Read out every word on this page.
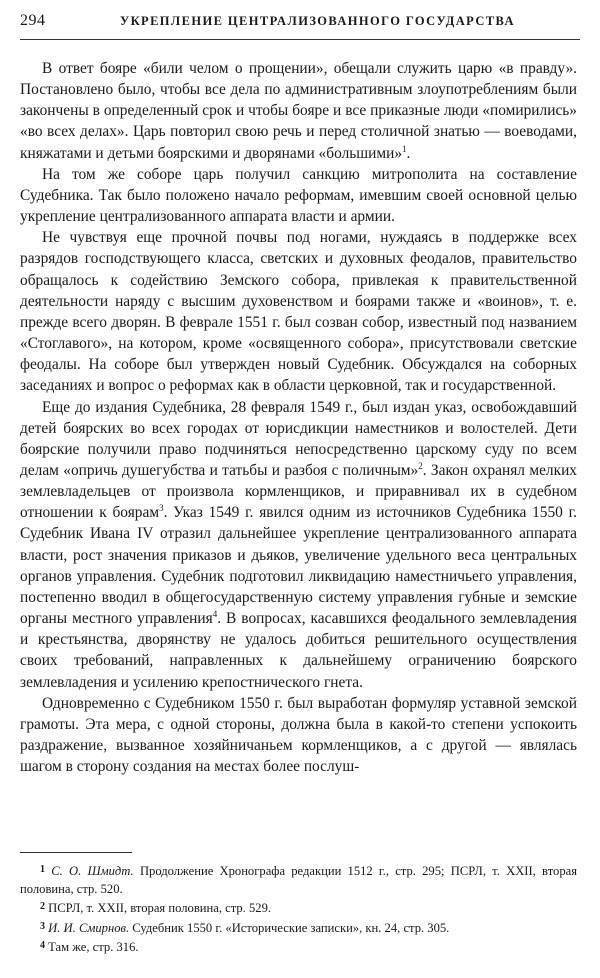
294	УКРЕПЛЕНИЕ ЦЕНТРАЛИЗОВАННОГО ГОСУДАРСТВА

В ответ бояре «били челом о прощении», обещали служить царю «в правду». Постановлено было, чтобы все дела по административным злоупотреблениям были закончены в определенный срок и чтобы бояре и все приказные люди «помирились» «во всех делах». Царь повторил свою речь и перед столичной знатью — воеводами, княжатами и детьми боярскими и дворянами «большими»$^1$.

На том же соборе царь получил санкцию митрополита на составление Судебника. Так было положено начало реформам, имевшим своей основной целью укрепление централизованного аппарата власти и армии.

Не чувствуя еще прочной почвы под ногами, нуждаясь в поддержке всех разрядов господствующего класса, светских и духовных феодалов, правительство обращалось к содействию Земского собора, привлекая к правительственной деятельности наряду с высшим духовенством и боярами также и «воинов», т. е. прежде всего дворян. В феврале 1551 г. был созван собор, известный под названием «Стоглавого», на котором, кроме «освященного собора», присутствовали светские феодалы. На соборе был утвержден новый Судебник. Обсуждался на соборных заседаниях и вопрос о реформах как в области церковной, так и государственной.

Еще до издания Судебника, 28 февраля 1549 г., был издан указ, освобождавший детей боярских во всех городах от юрисдикции наместников и волостелей. Дети боярские получили право подчиняться непосредственно царскому суду по всем делам «опричь душегубства и татьбы и разбоя с поличным»$^2$. Закон охранял мелких землевладельцев от произвола кормленщиков, и приравнивал их в судебном отношении к боярам$^3$. Указ 1549 г. явился одним из источников Судебника 1550 г. Судебник Ивана IV отразил дальнейшее укрепление централизованного аппарата власти, рост значения приказов и дьяков, увеличение удельного веса центральных органов управления. Судебник подготовил ликвидацию наместничьего управления, постепенно вводил в общегосударственную систему управления губные и земские органы местного управления$^4$. В вопросах, касавшихся феодального землевладения и крестьянства, дворянству не удалось добиться решительного осуществления своих требований, направленных к дальнейшему ограничению боярского землевладения и усилению крепостнического гнета.

Одновременно с Судебником 1550 г. был выработан формуляр уставной земской грамоты. Эта мера, с одной стороны, должна была в какой-то степени успокоить раздражение, вызванное хозяйничаньем кормленщиков, а с другой — являлась шагом в сторону создания на местах более послуш-

$^1$ С. О. Шмидт. Продолжение Хронографа редакции 1512 г., стр. 295; ПСРЛ, т. XXII, вторая половина, стр. 520.

$^2$ ПСРЛ, т. XXII, вторая половина, стр. 529.

$^3$ И. И. Смирнов. Судебник 1550 г. «Исторические записки», кн. 24, стр. 305.

$^4$ Там же, стр. 316.
